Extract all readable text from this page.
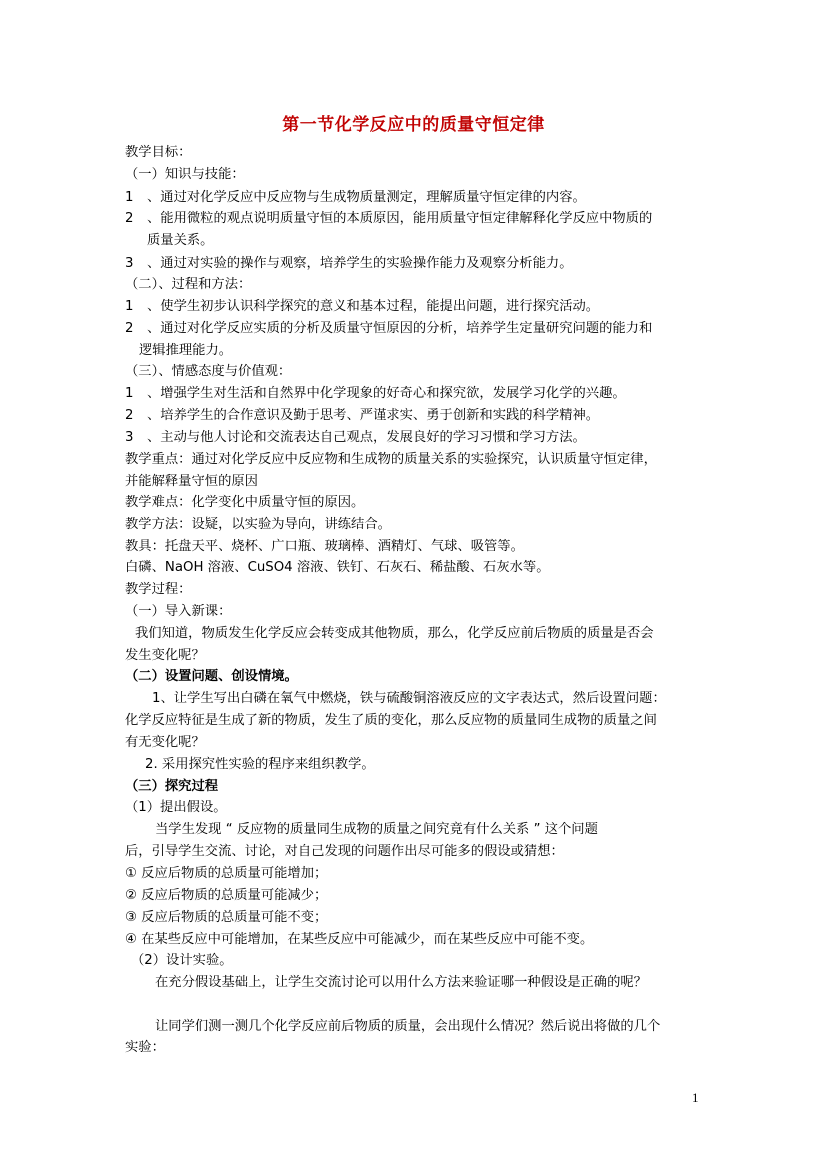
第一节化学反应中的质量守恒定律
教学目标：
（一）知识与技能：
1 、通过对化学反应中反应物与生成物质量测定，理解质量守恒定律的内容。
2 、能用微粒的观点说明质量守恒的本质原因，能用质量守恒定律解释化学反应中物质的
质量关系。
3 、通过对实验的操作与观察，培养学生的实验操作能力及观察分析能力。
（二）、过程和方法：
1 、使学生初步认识科学探究的意义和基本过程，能提出问题，进行探究活动。
2 、通过对化学反应实质的分析及质量守恒原因的分析，培养学生定量研究问题的能力和
逻辑推理能力。
（三）、情感态度与价值观：
1 、增强学生对生活和自然界中化学现象的好奇心和探究欲，发展学习化学的兴趣。
2 、培养学生的合作意识及勤于思考、严谨求实、勇于创新和实践的科学精神。
3 、主动与他人讨论和交流表达自己观点，发展良好的学习习惯和学习方法。
教学重点：通过对化学反应中反应物和生成物的质量关系的实验探究，认识质量守恒定律，
并能解释量守恒的原因
教学难点：化学变化中质量守恒的原因。
教学方法：设疑，以实验为导向，讲练结合。
教具：托盘天平、烧杯、广口瓶、玻璃棒、酒精灯、气球、吸管等。
白磷、NaOH 溶液、CuSO4 溶液、铁钉、石灰石、稀盐酸、石灰水等。
教学过程：
（一）导入新课：
我们知道，物质发生化学反应会转变成其他物质，那么，化学反应前后物质的质量是否会
发生变化呢？
（二）设置问题、创设情境。
1、让学生写出白磷在氧气中燃烧，铁与硫酸铜溶液反应的文字表达式，然后设置问题：
化学反应特征是生成了新的物质，发生了质的变化，那么反应物的质量同生成物的质量之间
有无变化呢？
2. 采用探究性实验的程序来组织教学。
（三）探究过程
（1）提出假设。
当学生发现 “ 反应物的质量同生成物的质量之间究竟有什么关系 ” 这个问题
后，引导学生交流、讨论，对自己发现的问题作出尽可能多的假设或猜想：
① 反应后物质的总质量可能增加；
② 反应后物质的总质量可能减少；
③ 反应后物质的总质量可能不变；
④ 在某些反应中可能增加，在某些反应中可能减少，而在某些反应中可能不变。
（2）设计实验。
在充分假设基础上，让学生交流讨论可以用什么方法来验证哪一种假设是正确的呢？
让同学们测一测几个化学反应前后物质的质量，会出现什么情况？然后说出将做的几个
实验：
1
